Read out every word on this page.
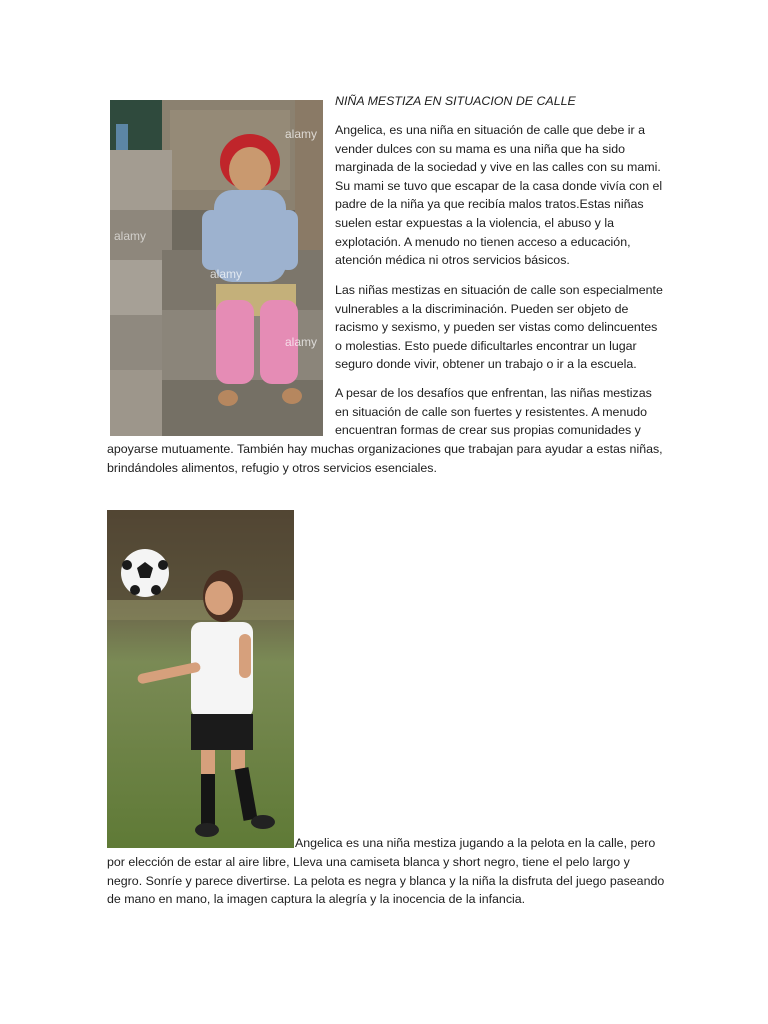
alamy
alamy
alamy
alamy
NIÑA MESTIZA EN SITUACION DE CALLE

Angelica, es una niña en situación de calle que debe ir a vender dulces con su mama es una niña que ha sido marginada de la sociedad y vive en las calles con su mami. Su mami se tuvo que escapar de la casa donde vivía con el padre de la niña ya que recibía malos tratos.Estas niñas suelen estar expuestas a la violencia, el abuso y la explotación. A menudo no tienen acceso a educación, atención médica ni otros servicios básicos.

Las niñas mestizas en situación de calle son especialmente vulnerables a la discriminación. Pueden ser objeto de racismo y sexismo, y pueden ser vistas como delincuentes o molestias. Esto puede dificultarles encontrar un lugar seguro donde vivir, obtener un trabajo o ir a la escuela.

A pesar de los desafíos que enfrentan, las niñas mestizas en situación de calle son fuertes y resistentes. A menudo encuentran formas de crear sus propias comunidades y

apoyarse mutuamente. También hay muchas organizaciones que trabajan para ayudar a estas niñas, brindándoles alimentos, refugio y otros servicios esenciales.

Angelica es una niña mestiza jugando a la pelota en la calle, pero

por elección de estar al aire libre, Lleva una camiseta blanca y short negro, tiene el pelo largo y negro. Sonríe y parece divertirse. La pelota es negra y blanca y la niña la disfruta del juego paseando de mano en mano, la imagen captura la alegría y la inocencia de la infancia.
